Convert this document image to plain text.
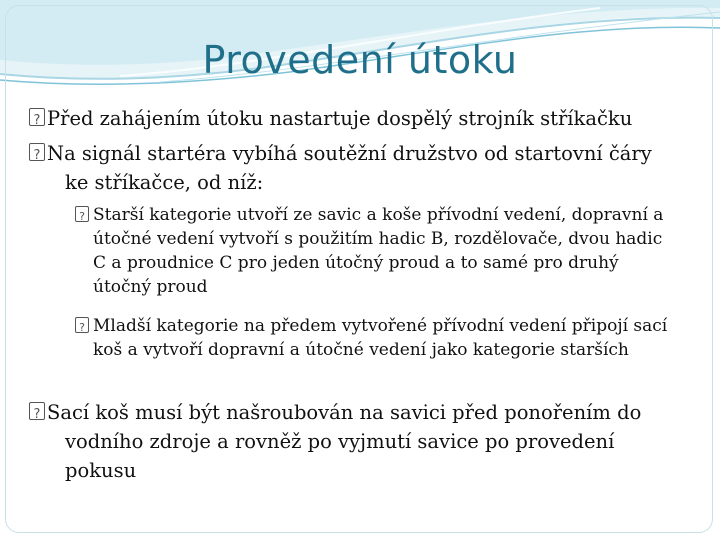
Provedení útoku
?
Před zahájením útoku nastartuje dospělý strojník stříkačku
?
Na signál startéra vybíhá soutěžní družstvo od startovní čáry ke stříkačce, od níž:
?
Starší kategorie utvoří ze savic a koše přívodní vedení, dopravní a útočné vedení vytvoří s použitím hadic B, rozdělovače, dvou hadic C a proudnice C pro jeden útočný proud a to samé pro druhý útočný proud
?
Mladší kategorie na předem vytvořené přívodní vedení připojí sací koš a vytvoří dopravní a útočné vedení jako kategorie starších
?
Sací koš musí být našroubován na savici před ponořením do vodního zdroje a rovněž po vyjmutí savice po provedení pokusu
